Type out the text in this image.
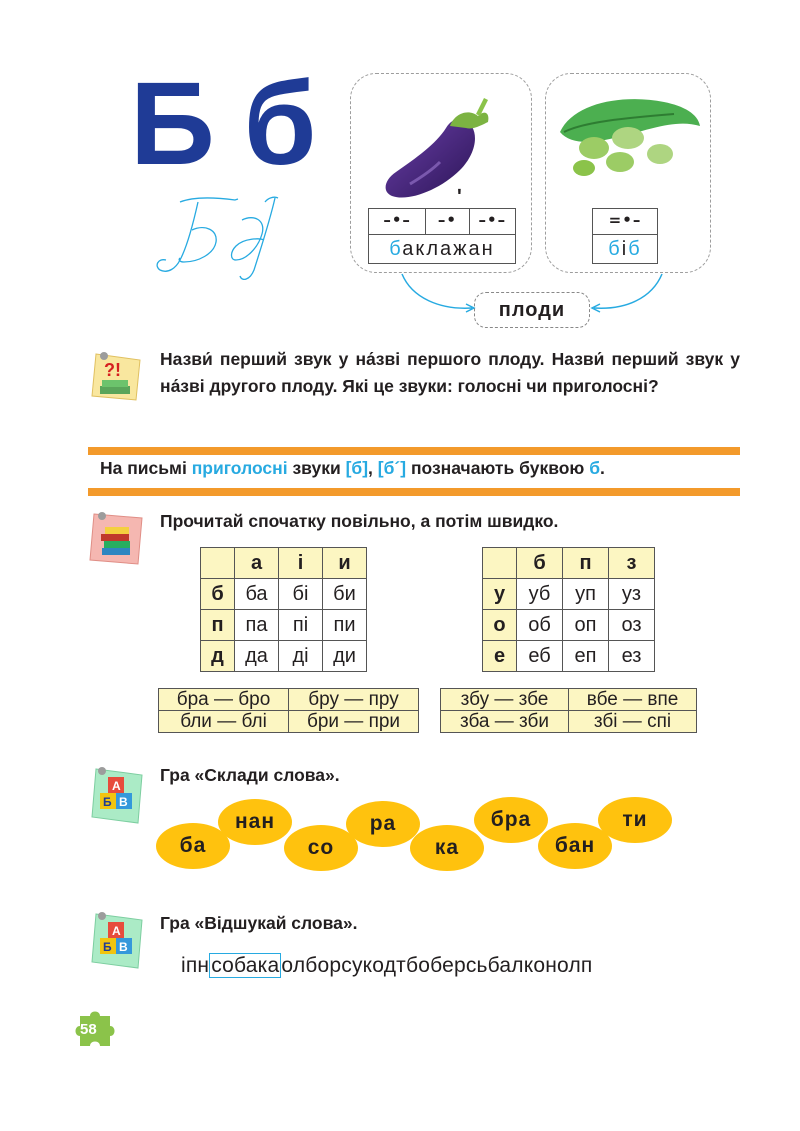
Б б
ʹ
–•–	–•	–•–
баклажан
=•–
біб
плоди
?!
Назви́ перший звук у на́зві першого плоду. Назви́ перший звук у на́зві другого плоду. Які це звуки: голосні чи приголосні?
На письмі приголосні звуки [б], [б´] позначають буквою б.
Прочитай спочатку повільно, а потім швидко.
	а	і	и
б	ба	бі	би
п	па	пі	пи
д	да	ді	ди
	б	п	з
у	уб	уп	уз
о	об	оп	оз
е	еб	еп	ез
бра — бро	бру — пру
бли — блі	бри — при
збу — збе	вбе — впе
зба — зби	збі — спі
А
Б В
Гра «Склади слова».
ба
нан
со
ра
ка
бра
бан
ти
А
Б В
Гра «Відшукай слова».
іпнсобакаолборсукодтбоберсьбалконолп
58
